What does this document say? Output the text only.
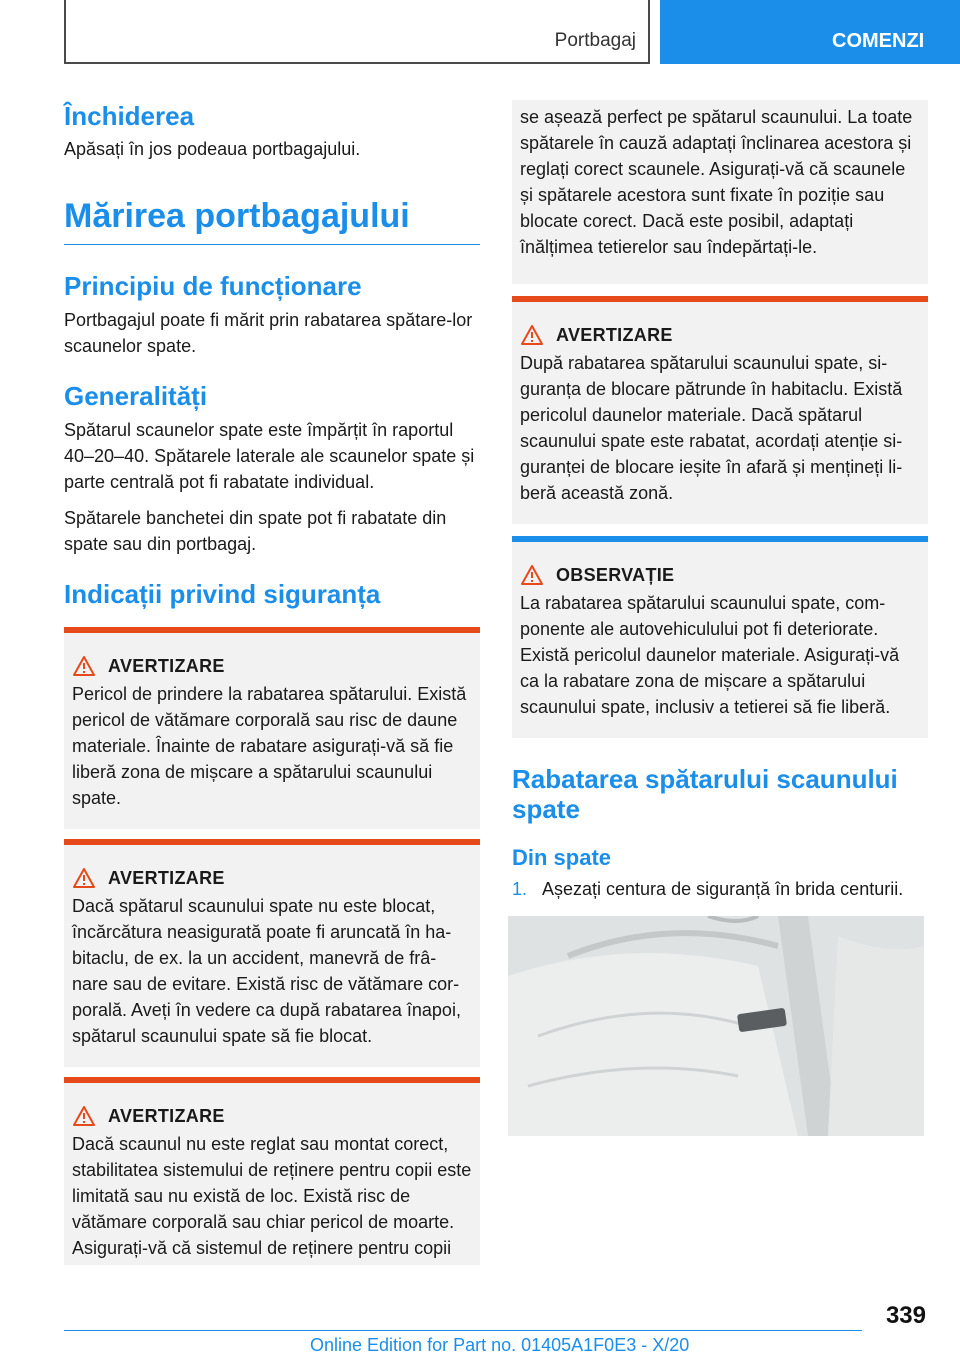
Portbagaj	COMENZI
Închiderea
Apăsați în jos podeaua portbagajului.
Mărirea portbagajului
Principiu de funcționare
Portbagajul poate fi mărit prin rabatarea spătare-lor scaunelor spate.
Generalități
Spătarul scaunelor spate este împărțit în raportul 40–20–40. Spătarele laterale ale scaunelor spate și parte centrală pot fi rabatate individual.
Spătarele banchetei din spate pot fi rabatate din spate sau din portbagaj.
Indicații privind siguranța
AVERTIZARE
Pericol de prindere la rabatarea spătarului. Există pericol de vătămare corporală sau risc de daune materiale. Înainte de rabatare asigurați-vă să fie liberă zona de mișcare a spătarului scaunului spate.
AVERTIZARE
Dacă spătarul scaunului spate nu este blocat, încărcătura neasigurată poate fi aruncată în ha-bitaclu, de ex. la un accident, manevră de frâ-nare sau de evitare. Există risc de vătămare cor-porală. Aveți în vedere ca după rabatarea înapoi, spătarul scaunului spate să fie blocat.
AVERTIZARE
Dacă scaunul nu este reglat sau montat corect, stabilitatea sistemului de reținere pentru copii este limitată sau nu există de loc. Există risc de vătămare corporală sau chiar pericol de moarte. Asigurați-vă că sistemul de reținere pentru copii
se așează perfect pe spătarul scaunului. La toate spătarele în cauză adaptați înclinarea acestora și reglați corect scaunele. Asigurați-vă că scaunele și spătarele acestora sunt fixate în poziție sau blocate corect. Dacă este posibil, adaptați înălțimea tetierelor sau îndepărtați-le.
AVERTIZARE
După rabatarea spătarului scaunului spate, si-guranța de blocare pătrunde în habitaclu. Există pericolul daunelor materiale. Dacă spătarul scaunului spate este rabatat, acordați atenție si-guranței de blocare ieșite în afară și mențineți li-beră această zonă.
OBSERVAȚIE
La rabatarea spătarului scaunului spate, com-ponente ale autovehiculului pot fi deteriorate. Există pericolul daunelor materiale. Asigurați-vă ca la rabatare zona de mișcare a spătarului scaunului spate, inclusiv a tetierei să fie liberă.
Rabatarea spătarului scaunului spate
Din spate
1. Așezați centura de siguranță în brida centurii.
339
Online Edition for Part no. 01405A1F0E3 - X/20
